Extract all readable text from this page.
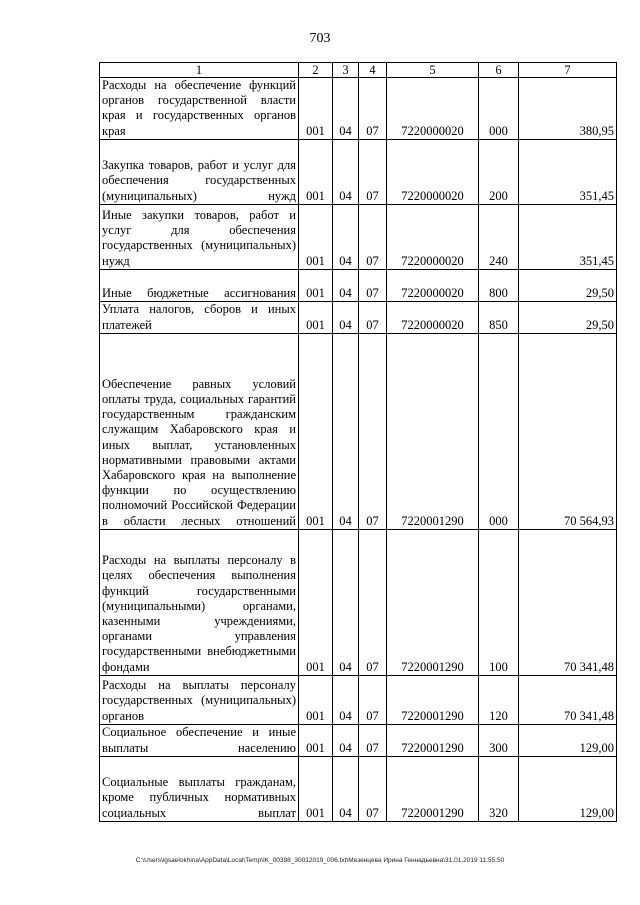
703
1	2	3	4	5	6	7
Расходы на обеспечение функций органов государственной власти края и государственных органов края	001	04	07	7220000020	000	380,95
Закупка товаров, работ и услуг для обеспечения государственных (муниципальных) нужд	001	04	07	7220000020	200	351,45
Иные закупки товаров, работ и услуг для обеспечения государственных (муниципальных) нужд	001	04	07	7220000020	240	351,45
Иные бюджетные ассигнования	001	04	07	7220000020	800	29,50
Уплата налогов, сборов и иных платежей	001	04	07	7220000020	850	29,50
Обеспечение равных условий оплаты труда, социальных гарантий государственным гражданским служащим Хабаровского края и иных выплат, установленных нормативными правовыми актами Хабаровского края на выполнение функции по осуществлению полномочий Российской Федерации в области лесных отношений	001	04	07	7220001290	000	70 564,93
Расходы на выплаты персоналу в целях обеспечения выполнения функций государственными (муниципальными) органами, казенными учреждениями, органами управления государственными внебюджетными фондами	001	04	07	7220001290	100	70 341,48
Расходы на выплаты персоналу государственных (муниципальных) органов	001	04	07	7220001290	120	70 341,48
Социальное обеспечение и иные выплаты населению	001	04	07	7220001290	300	129,00
Социальные выплаты гражданам, кроме публичных нормативных социальных выплат	001	04	07	7220001290	320	129,00
C:\Users\igsaelokhina\AppData\Local\Temp\IK_00398_30012019_006.txt\Мезенцева Ирина Геннадьевна\31.01.2019 11:55:50
